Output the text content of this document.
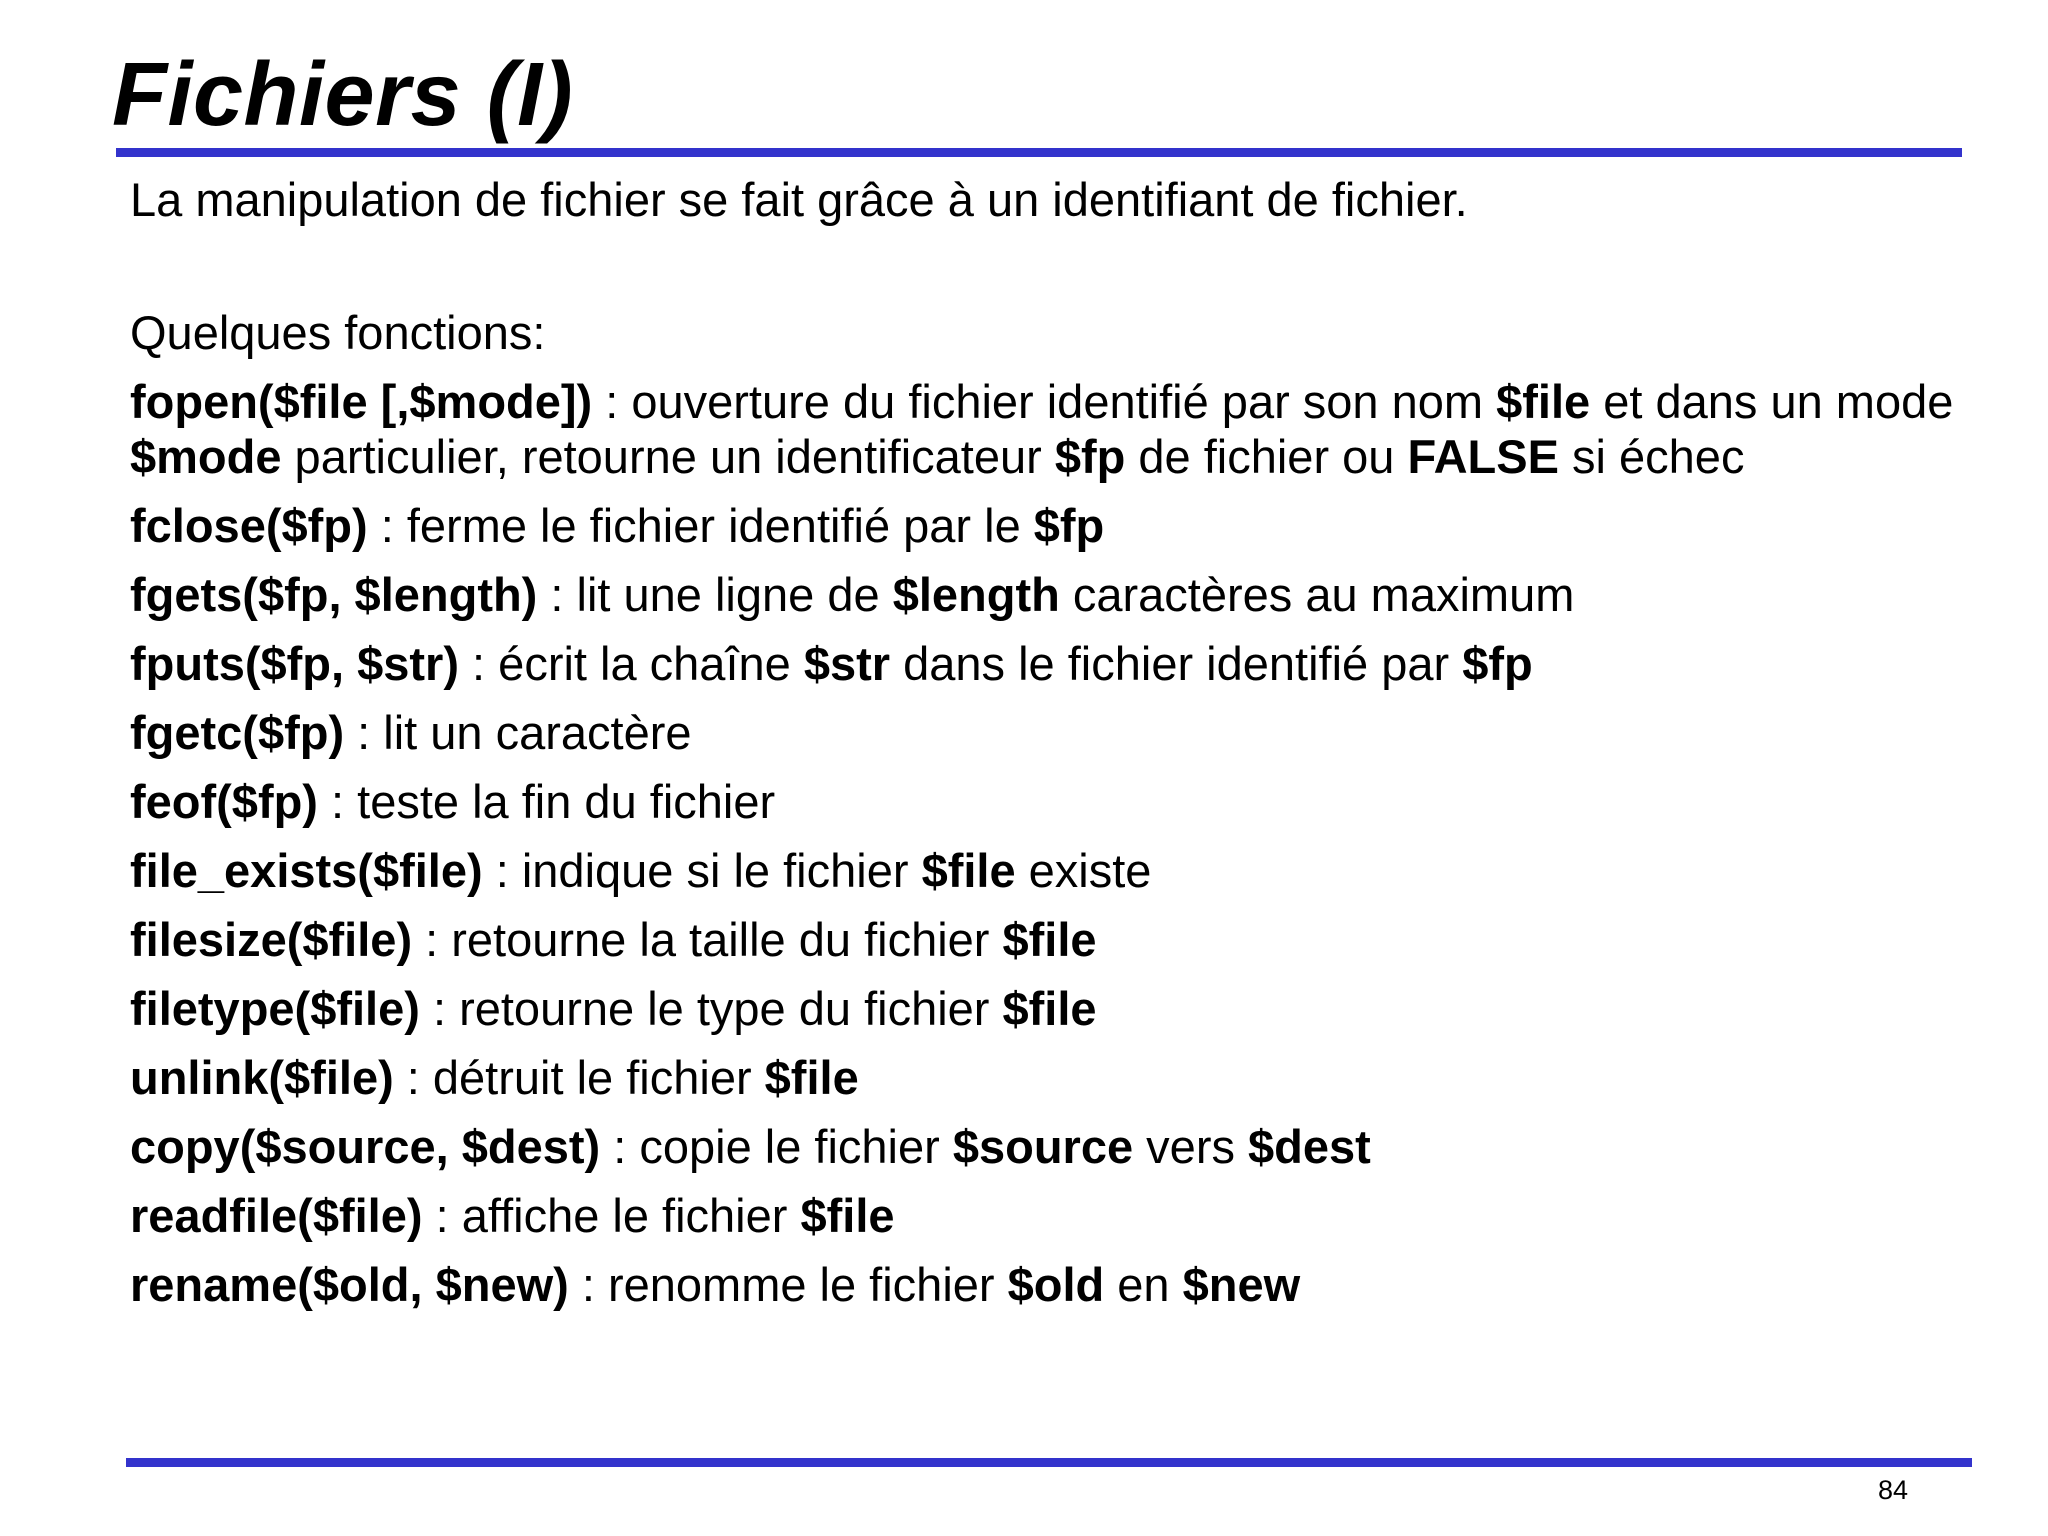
Fichiers (I)

La manipulation de fichier se fait grâce à un identifiant de fichier.

Quelques fonctions:

fopen($file [,$mode]) : ouverture du fichier identifié par son nom $file et dans un mode $mode particulier, retourne un identificateur $fp de fichier ou FALSE si échec
fclose($fp) : ferme le fichier identifié par le $fp
fgets($fp, $length) : lit une ligne de $length caractères au maximum
fputs($fp, $str) : écrit la chaîne $str dans le fichier identifié par $fp
fgetc($fp) : lit un caractère
feof($fp) : teste la fin du fichier
file_exists($file) : indique si le fichier $file existe
filesize($file) : retourne la taille du fichier $file
filetype($file) : retourne le type du fichier $file
unlink($file) : détruit le fichier $file
copy($source, $dest) : copie le fichier $source vers $dest
readfile($file) : affiche le fichier $file
rename($old, $new) : renomme le fichier $old en $new
84
